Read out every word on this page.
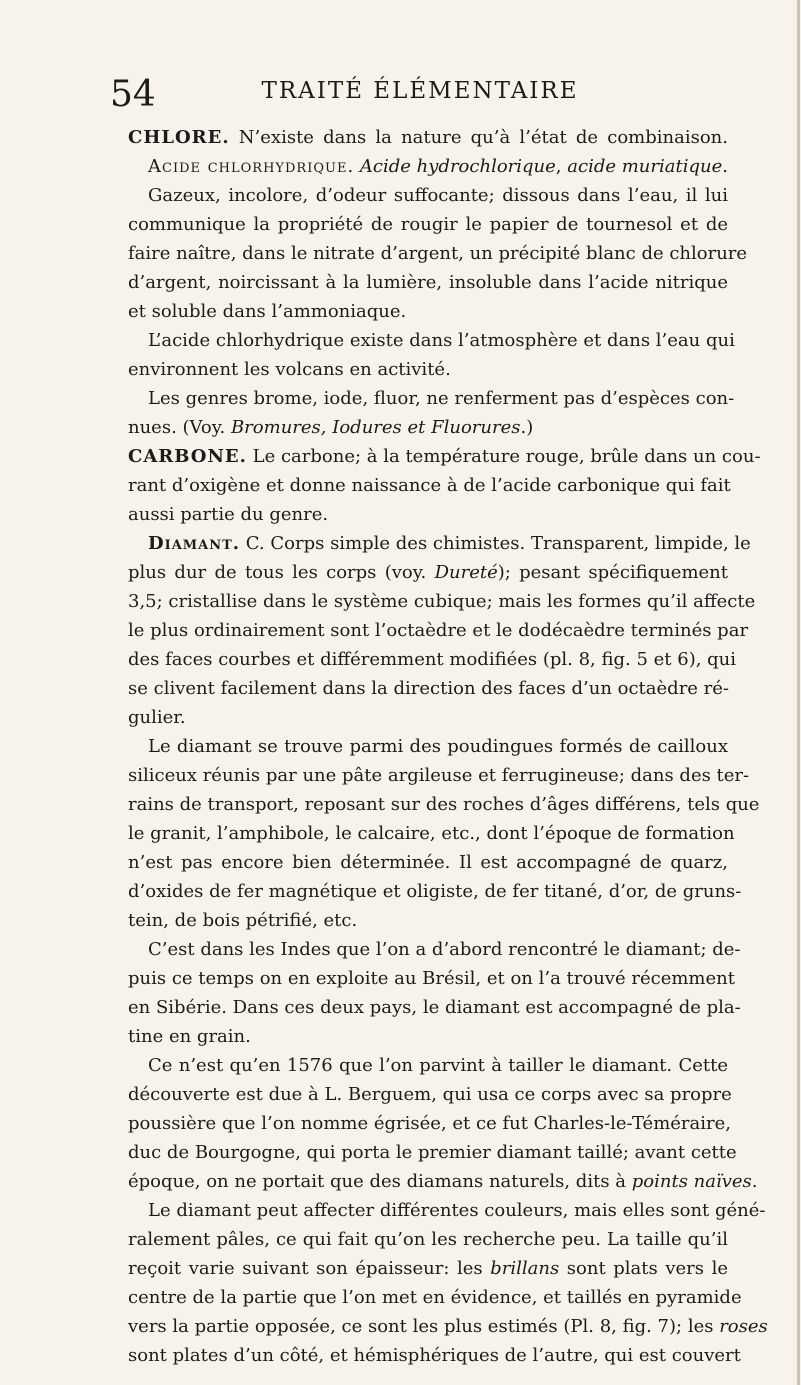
54	TRAITÉ ÉLÉMENTAIRE
CHLORE. N’existe dans la nature qu’à l’état de combinaison.
Acide chlorhydrique. Acide hydrochlorique, acide muriatique.
Gazeux, incolore, d’odeur suffocante; dissous dans l’eau, il lui
communique la propriété de rougir le papier de tournesol et de
faire naître, dans le nitrate d’argent, un précipité blanc de chlorure
d’argent, noircissant à la lumière, insoluble dans l’acide nitrique
et soluble dans l’ammoniaque.
L’acide chlorhydrique existe dans l’atmosphère et dans l’eau qui
environnent les volcans en activité.
Les genres brome, iode, fluor, ne renferment pas d’espèces con-
nues. (Voy. Bromures, Iodures et Fluorures.)
CARBONE. Le carbone; à la température rouge, brûle dans un cou-
rant d’oxigène et donne naissance à de l’acide carbonique qui fait
aussi partie du genre.
Diamant. C. Corps simple des chimistes. Transparent, limpide, le
plus dur de tous les corps (voy. Dureté); pesant spécifiquement
3,5; cristallise dans le système cubique; mais les formes qu’il affecte
le plus ordinairement sont l’octaèdre et le dodécaèdre terminés par
des faces courbes et différemment modifiées (pl. 8, fig. 5 et 6), qui
se clivent facilement dans la direction des faces d’un octaèdre ré-
gulier.
Le diamant se trouve parmi des poudingues formés de cailloux
siliceux réunis par une pâte argileuse et ferrugineuse; dans des ter-
rains de transport, reposant sur des roches d’âges différens, tels que
le granit, l’amphibole, le calcaire, etc., dont l’époque de formation
n’est pas encore bien déterminée. Il est accompagné de quarz,
d’oxides de fer magnétique et oligiste, de fer titané, d’or, de gruns-
tein, de bois pétrifié, etc.
C’est dans les Indes que l’on a d’abord rencontré le diamant; de-
puis ce temps on en exploite au Brésil, et on l’a trouvé récemment
en Sibérie. Dans ces deux pays, le diamant est accompagné de pla-
tine en grain.
Ce n’est qu’en 1576 que l’on parvint à tailler le diamant. Cette
découverte est due à L. Berguem, qui usa ce corps avec sa propre
poussière que l’on nomme égrisée, et ce fut Charles-le-Téméraire,
duc de Bourgogne, qui porta le premier diamant taillé; avant cette
époque, on ne portait que des diamans naturels, dits à points naïves.
Le diamant peut affecter différentes couleurs, mais elles sont géné-
ralement pâles, ce qui fait qu’on les recherche peu. La taille qu’il
reçoit varie suivant son épaisseur: les brillans sont plats vers le
centre de la partie que l’on met en évidence, et taillés en pyramide
vers la partie opposée, ce sont les plus estimés (Pl. 8, fig. 7); les roses
sont plates d’un côté, et hémisphériques de l’autre, qui est couvert
